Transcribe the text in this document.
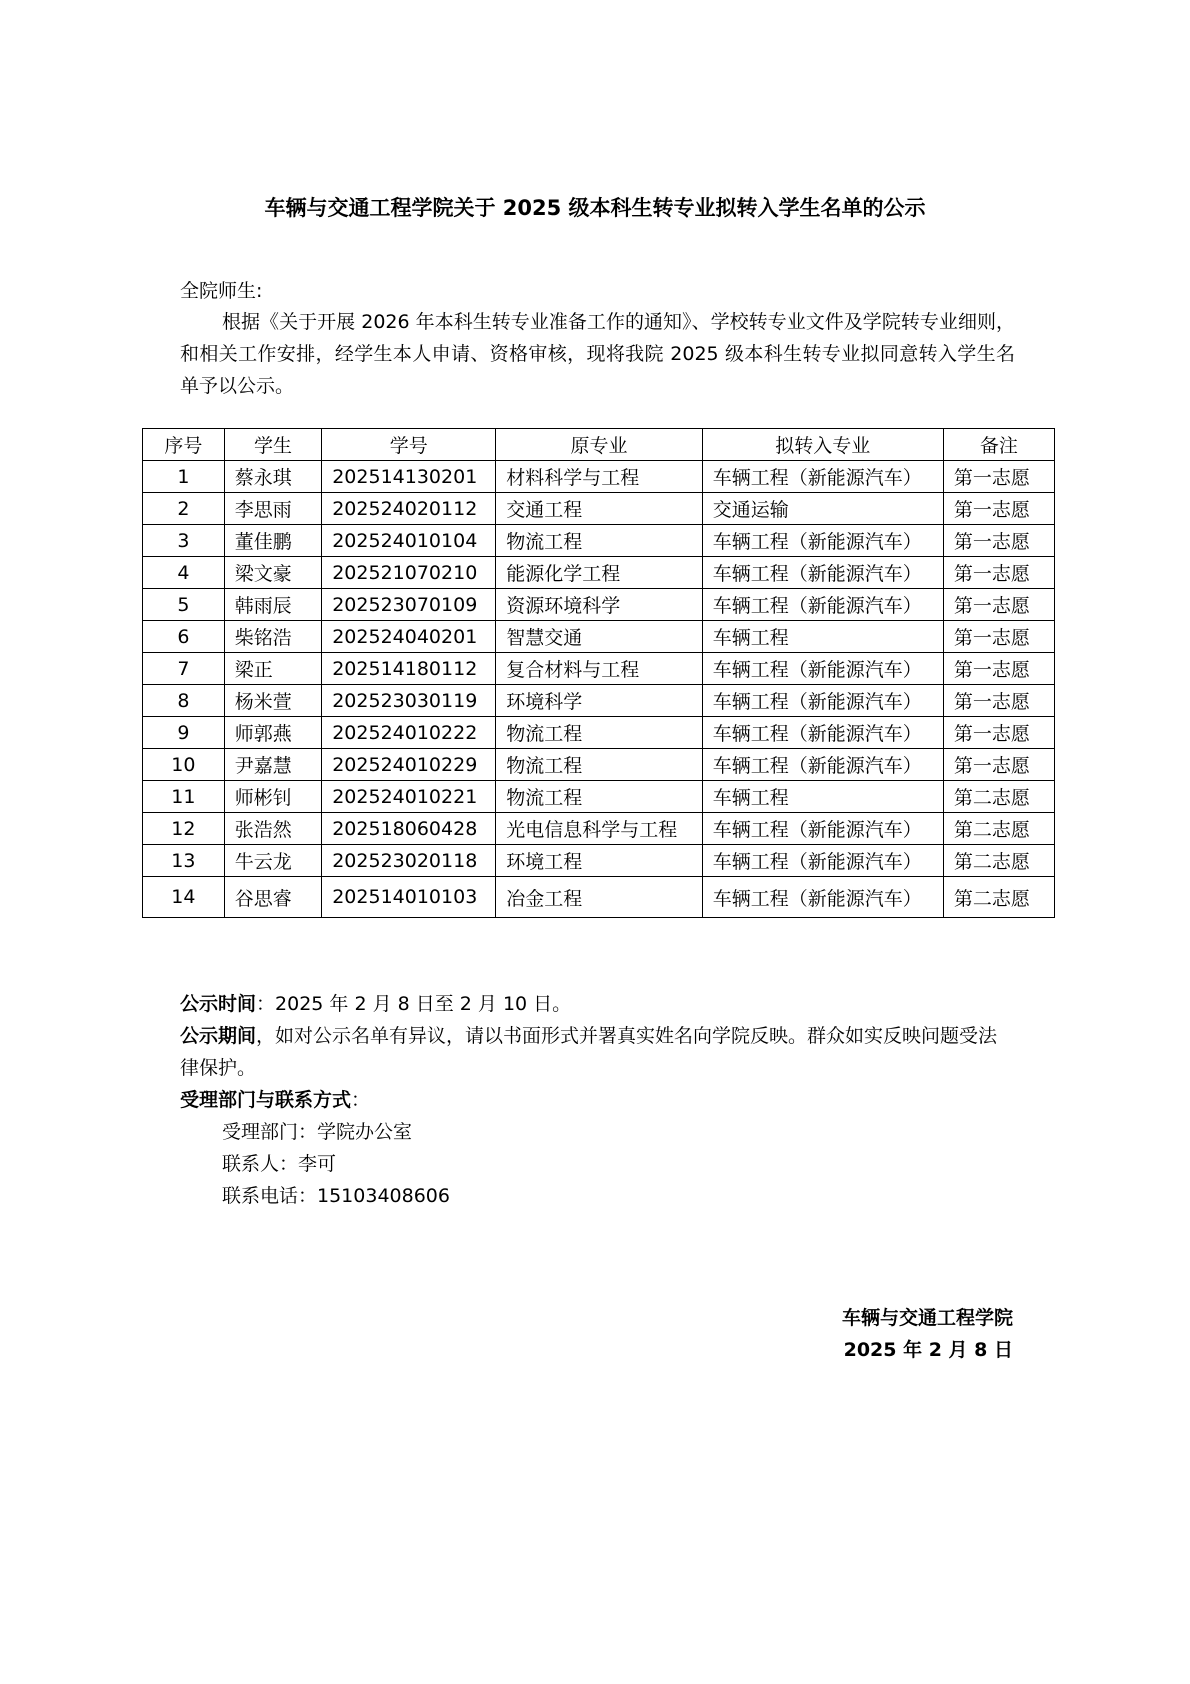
车辆与交通工程学院关于 2025 级本科生转专业拟转入学生名单的公示
全院师生:
根据《关于开展 2026 年本科生转专业准备工作的通知》、学校转专业文件及学院转专业细则，和相关工作安排，经学生本人申请、资格审核，现将我院 2025 级本科生转专业拟同意转入学生名单予以公示。
序号	学生	学号	原专业	拟转入专业	备注
1	蔡永琪	202514130201	材料科学与工程	车辆工程（新能源汽车）	第一志愿
2	李思雨	202524020112	交通工程	交通运输	第一志愿
3	董佳鹏	202524010104	物流工程	车辆工程（新能源汽车）	第一志愿
4	梁文豪	202521070210	能源化学工程	车辆工程（新能源汽车）	第一志愿
5	韩雨辰	202523070109	资源环境科学	车辆工程（新能源汽车）	第一志愿
6	柴铭浩	202524040201	智慧交通	车辆工程	第一志愿
7	梁正	202514180112	复合材料与工程	车辆工程（新能源汽车）	第一志愿
8	杨米萱	202523030119	环境科学	车辆工程（新能源汽车）	第一志愿
9	师郭燕	202524010222	物流工程	车辆工程（新能源汽车）	第一志愿
10	尹嘉慧	202524010229	物流工程	车辆工程（新能源汽车）	第一志愿
11	师彬钊	202524010221	物流工程	车辆工程	第二志愿
12	张浩然	202518060428	光电信息科学与工程	车辆工程（新能源汽车）	第二志愿
13	牛云龙	202523020118	环境工程	车辆工程（新能源汽车）	第二志愿
14	谷思睿	202514010103	冶金工程	车辆工程（新能源汽车）	第二志愿
公示时间：2025 年 2 月 8 日至 2 月 10 日。
公示期间，如对公示名单有异议，请以书面形式并署真实姓名向学院反映。群众如实反映问题受法律保护。
受理部门与联系方式：
受理部门：学院办公室
联系人：李可
联系电话：15103408606
车辆与交通工程学院
2025 年 2 月 8 日
